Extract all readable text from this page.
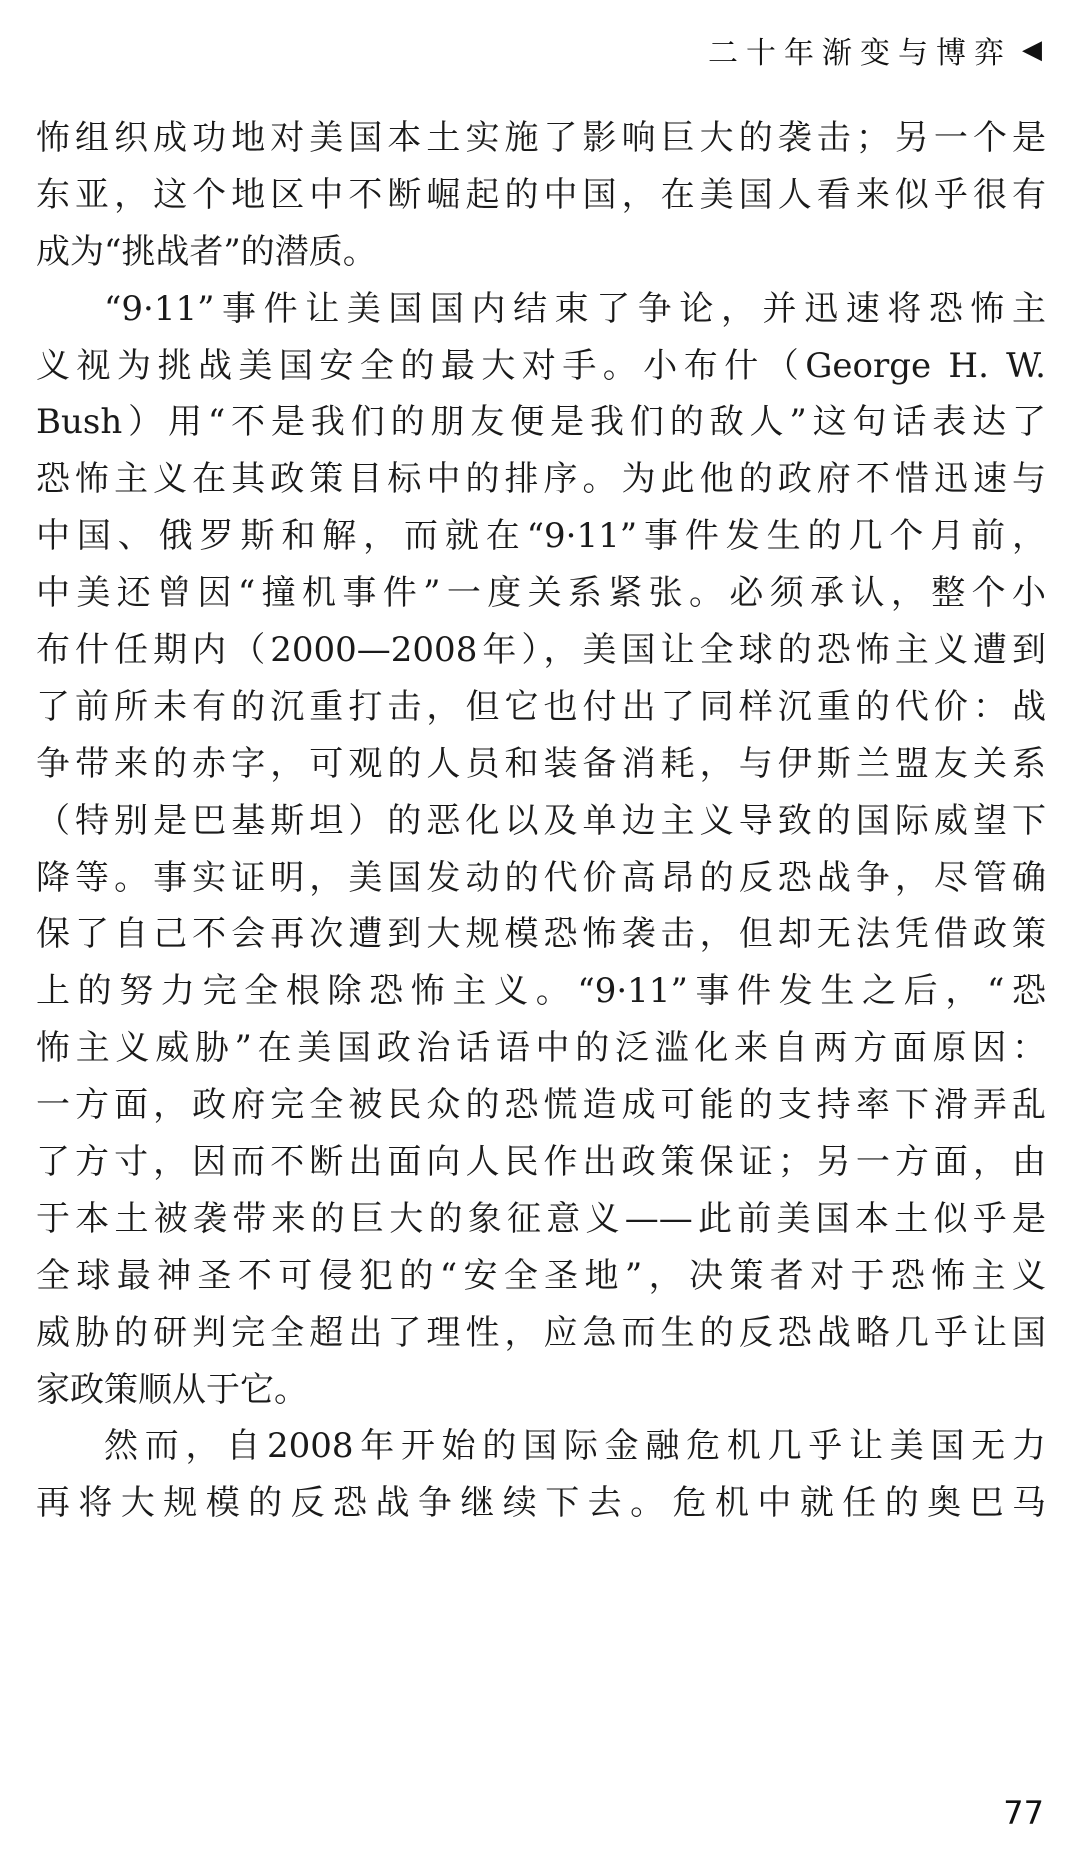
二十年渐变与博弈 ◀
怖组织成功地对美国本土实施了影响巨大的袭击；另一个是
东亚，这个地区中不断崛起的中国，在美国人看来似乎很有
成为“挑战者”的潜质。
“9·11”事件让美国国内结束了争论，并迅速将恐怖主
义视为挑战美国安全的最大对手。小布什（George H. W.
Bush）用“不是我们的朋友便是我们的敌人”这句话表达了
恐怖主义在其政策目标中的排序。为此他的政府不惜迅速与
中国、俄罗斯和解，而就在“9·11”事件发生的几个月前，
中美还曾因“撞机事件”一度关系紧张。必须承认，整个小
布什任期内（2000—2008年），美国让全球的恐怖主义遭到
了前所未有的沉重打击，但它也付出了同样沉重的代价：战
争带来的赤字，可观的人员和装备消耗，与伊斯兰盟友关系
（特别是巴基斯坦）的恶化以及单边主义导致的国际威望下
降等。事实证明，美国发动的代价高昂的反恐战争，尽管确
保了自己不会再次遭到大规模恐怖袭击，但却无法凭借政策
上的努力完全根除恐怖主义。“9·11”事件发生之后，“恐
怖主义威胁”在美国政治话语中的泛滥化来自两方面原因：
一方面，政府完全被民众的恐慌造成可能的支持率下滑弄乱
了方寸，因而不断出面向人民作出政策保证；另一方面，由
于本土被袭带来的巨大的象征意义——此前美国本土似乎是
全球最神圣不可侵犯的“安全圣地”，决策者对于恐怖主义
威胁的研判完全超出了理性，应急而生的反恐战略几乎让国
家政策顺从于它。
然而，自2008年开始的国际金融危机几乎让美国无力
再将大规模的反恐战争继续下去。危机中就任的奥巴马
77
